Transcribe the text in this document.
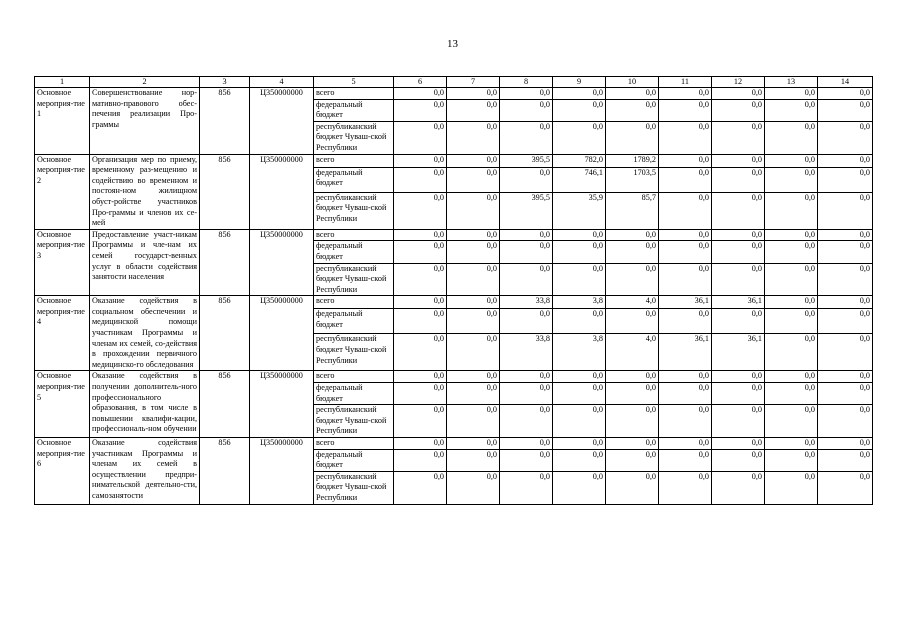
13
1	2	3	4	5	6	7	8	9	10	11	12	13	14
Основное мероприя-тие 1	Совершенствование нор-мативно-правового обес-печения реализации Про-граммы	856	Ц350000000	всего	0,0	0,0	0,0	0,0	0,0	0,0	0,0	0,0	0,0
				федеральный бюджет	0,0	0,0	0,0	0,0	0,0	0,0	0,0	0,0	0,0
				республиканский бюджет Чуваш-ской Республики	0,0	0,0	0,0	0,0	0,0	0,0	0,0	0,0	0,0
Основное мероприя-тие 2	Организация мер по приему, временному раз-мещению и содействию во временном и постоян-ном жилищном обуст-ройстве участников Про-граммы и членов их се-мей	856	Ц350000000	всего	0,0	0,0	395,5	782,0	1789,2	0,0	0,0	0,0	0,0
				федеральный бюджет	0,0	0,0	0,0	746,1	1703,5	0,0	0,0	0,0	0,0
				республиканский бюджет Чуваш-ской Республики	0,0	0,0	395,5	35,9	85,7	0,0	0,0	0,0	0,0
Основное мероприя-тие 3	Предоставление участ-никам Программы и чле-нам их семей государст-венных услуг в области содействия занятости населения	856	Ц350000000	всего	0,0	0,0	0,0	0,0	0,0	0,0	0,0	0,0	0,0
				федеральный бюджет	0,0	0,0	0,0	0,0	0,0	0,0	0,0	0,0	0,0
				республиканский бюджет Чуваш-ской Республики	0,0	0,0	0,0	0,0	0,0	0,0	0,0	0,0	0,0
Основное мероприя-тие 4	Оказание содействия в социальном обеспечении и медицинской помощи участникам Программы и членам их семей, со-действия в прохождении первичного медицинско-го обследования	856	Ц350000000	всего	0,0	0,0	33,8	3,8	4,0	36,1	36,1	0,0	0,0
				федеральный бюджет	0,0	0,0	0,0	0,0	0,0	0,0	0,0	0,0	0,0
				республиканский бюджет Чуваш-ской Республики	0,0	0,0	33,8	3,8	4,0	36,1	36,1	0,0	0,0
Основное мероприя-тие 5	Оказание содействия в получении дополнитель-ного профессионального образования, в том числе в повышении квалифи-кации, профессиональ-ном обучении	856	Ц350000000	всего	0,0	0,0	0,0	0,0	0,0	0,0	0,0	0,0	0,0
				федеральный бюджет	0,0	0,0	0,0	0,0	0,0	0,0	0,0	0,0	0,0
				республиканский бюджет Чуваш-ской Республики	0,0	0,0	0,0	0,0	0,0	0,0	0,0	0,0	0,0
Основное мероприя-тие 6	Оказание содействия участникам Программы и членам их семей в осуществлении предпри-нимательской деятельно-сти, самозанятости	856	Ц350000000	всего	0,0	0,0	0,0	0,0	0,0	0,0	0,0	0,0	0,0
				федеральный бюджет	0,0	0,0	0,0	0,0	0,0	0,0	0,0	0,0	0,0
				республиканский бюджет Чуваш-ской Республики	0,0	0,0	0,0	0,0	0,0	0,0	0,0	0,0	0,0
